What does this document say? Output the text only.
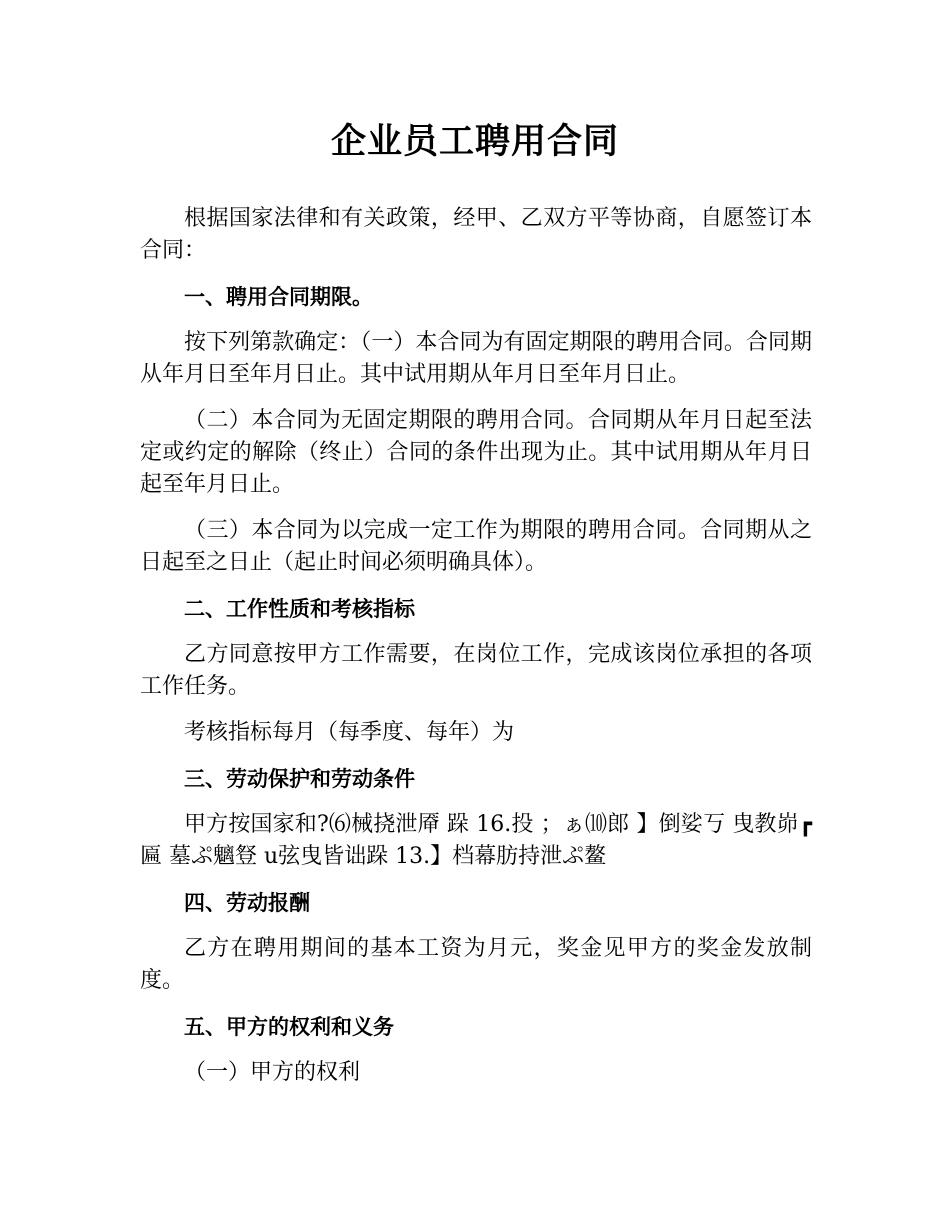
企业员工聘用合同

根据国家法律和有关政策，经甲、乙双方平等协商，自愿签订本合同：

一、聘用合同期限。

按下列第款确定：（一）本合同为有固定期限的聘用合同。合同期从年月日至年月日止。其中试用期从年月日至年月日止。

（二）本合同为无固定期限的聘用合同。合同期从年月日起至法定或约定的解除（终止）合同的条件出现为止。其中试用期从年月日起至年月日止。

（三）本合同为以完成一定工作为期限的聘用合同。合同期从之日起至之日止（起止时间必须明确具体）。

二、工作性质和考核指标

乙方同意按甲方工作需要，在岗位工作，完成该岗位承担的各项工作任务。

考核指标每月（每季度、每年）为

三、劳动保护和劳动条件

甲方按国家和?⑹械挠泄厣 跺 16.投 ；ぁ⑽郎 】倒娑丂 曳教峁┏匾 墓ぷ魑豋 u弦曳皆诎跺 13.】档幕肪持泄ぷ鳌

四、劳动报酬

乙方在聘用期间的基本工资为月元，奖金见甲方的奖金发放制度。

五、甲方的权利和义务

（一）甲方的权利
